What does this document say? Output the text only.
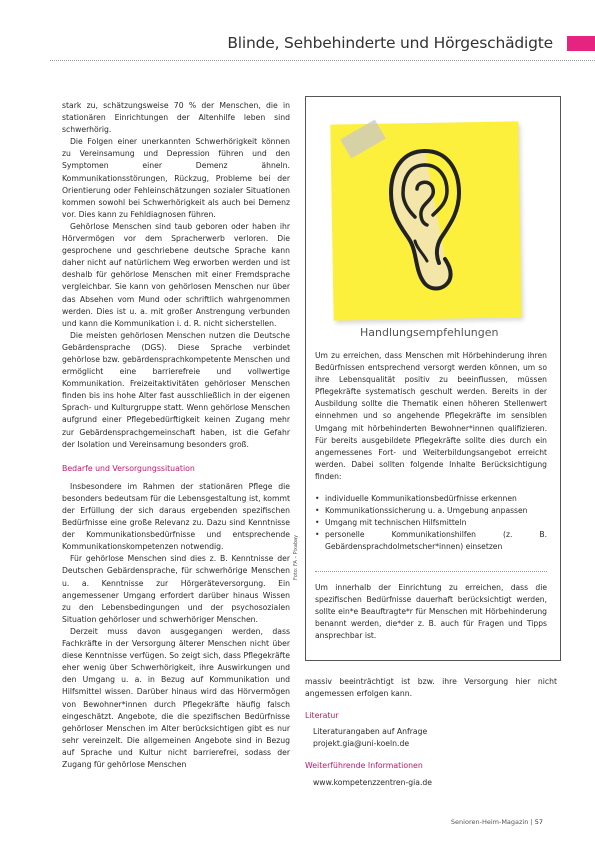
Blinde, Sehbehinderte und Hörgeschädigte

stark zu, schätzungsweise 70 % der Menschen, die in stationären Einrichtungen der Altenhilfe leben sind schwerhörig.

Die Folgen einer unerkannten Schwerhörigkeit können zu Vereinsamung und Depression führen und den Symptomen einer Demenz ähneln. Kommunikationsstörungen, Rückzug, Probleme bei der Orientierung oder Fehleinschätzungen sozialer Situationen kommen sowohl bei Schwerhörigkeit als auch bei Demenz vor. Dies kann zu Fehldiagnosen führen.

Gehörlose Menschen sind taub geboren oder haben ihr Hörvermögen vor dem Spracherwerb verloren. Die gesprochene und geschriebene deutsche Sprache kann daher nicht auf natürlichem Weg erworben werden und ist deshalb für gehörlose Menschen mit einer Fremdsprache vergleichbar. Sie kann von gehörlosen Menschen nur über das Absehen vom Mund oder schriftlich wahrgenommen werden. Dies ist u. a. mit großer Anstrengung verbunden und kann die Kommunikation i. d. R. nicht sicherstellen.

Die meisten gehörlosen Menschen nutzen die Deutsche Gebärdensprache (DGS). Diese Sprache verbindet gehörlose bzw. gebärdensprachkompetente Menschen und ermöglicht eine barrierefreie und vollwertige Kommunikation. Freizeitaktivitäten gehörloser Menschen finden bis ins hohe Alter fast ausschließlich in der eigenen Sprach- und Kulturgruppe statt. Wenn gehörlose Menschen aufgrund einer Pflegebedürftigkeit keinen Zugang mehr zur Gebärdensprachgemeinschaft haben, ist die Gefahr der Isolation und Vereinsamung besonders groß.

Bedarfe und Versorgungssituation

Insbesondere im Rahmen der stationären Pflege die besonders bedeutsam für die Lebensgestaltung ist, kommt der Erfüllung der sich daraus ergebenden spezifischen Bedürfnisse eine große Relevanz zu. Dazu sind Kenntnisse der Kommunikationsbedürfnisse und entsprechende Kommunikationskompetenzen notwendig.

Für gehörlose Menschen sind dies z. B. Kenntnisse der Deutschen Gebärdensprache, für schwerhörige Menschen u. a. Kenntnisse zur Hörgeräteversorgung. Ein angemessener Umgang erfordert darüber hinaus Wissen zu den Lebensbedingungen und der psychosozialen Situation gehörloser und schwerhöriger Menschen.

Derzeit muss davon ausgegangen werden, dass Fachkräfte in der Versorgung älterer Menschen nicht über diese Kenntnisse verfügen. So zeigt sich, dass Pflegekräfte eher wenig über Schwerhörigkeit, ihre Auswirkungen und den Umgang u. a. in Bezug auf Kommunikation und Hilfsmittel wissen. Darüber hinaus wird das Hörvermögen von Bewohner*innen durch Pflegekräfte häufig falsch eingeschätzt. Angebote, die die spezifischen Bedürfnisse gehörloser Menschen im Alter berücksichtigen gibt es nur sehr vereinzelt. Die allgemeinen Angebote sind in Bezug auf Sprache und Kultur nicht barrierefrei, sodass der Zugang für gehörlose Menschen

Foto: FA – Pixabay
Handlungsempfehlungen

Um zu erreichen, dass Menschen mit Hörbehinderung ihren Bedürfnissen entsprechend versorgt werden können, um so ihre Lebensqualität positiv zu beeinflussen, müssen Pflegekräfte systematisch geschult werden. Bereits in der Ausbildung sollte die Thematik einen höheren Stellenwert einnehmen und so angehende Pflegekräfte im sensiblen Umgang mit hörbehinderten Bewohner*innen qualifizieren. Für bereits ausgebildete Pflegekräfte sollte dies durch ein angemessenes Fort- und Weiterbildungsangebot erreicht werden. Dabei sollten folgende Inhalte Berücksichtigung finden:

• individuelle Kommunikationsbedürfnisse erkennen
• Kommunikationssicherung u. a. Umgebung anpassen
• Umgang mit technischen Hilfsmitteln
• personelle Kommunikationshilfen (z. B. Gebärdensprachdolmetscher*innen) einsetzen

Um innerhalb der Einrichtung zu erreichen, dass die spezifischen Bedürfnisse dauerhaft berücksichtigt werden, sollte ein*e Beauftragte*r für Menschen mit Hörbehinderung benannt werden, die*der z. B. auch für Fragen und Tipps ansprechbar ist.

massiv beeinträchtigt ist bzw. ihre Versorgung hier nicht angemessen erfolgen kann.

Literatur
Literaturangaben auf Anfrage
projekt.gia@uni-koeln.de
Weiterführende Informationen
www.kompetenzzentren-gia.de
Senioren-Heim-Magazin | 57
